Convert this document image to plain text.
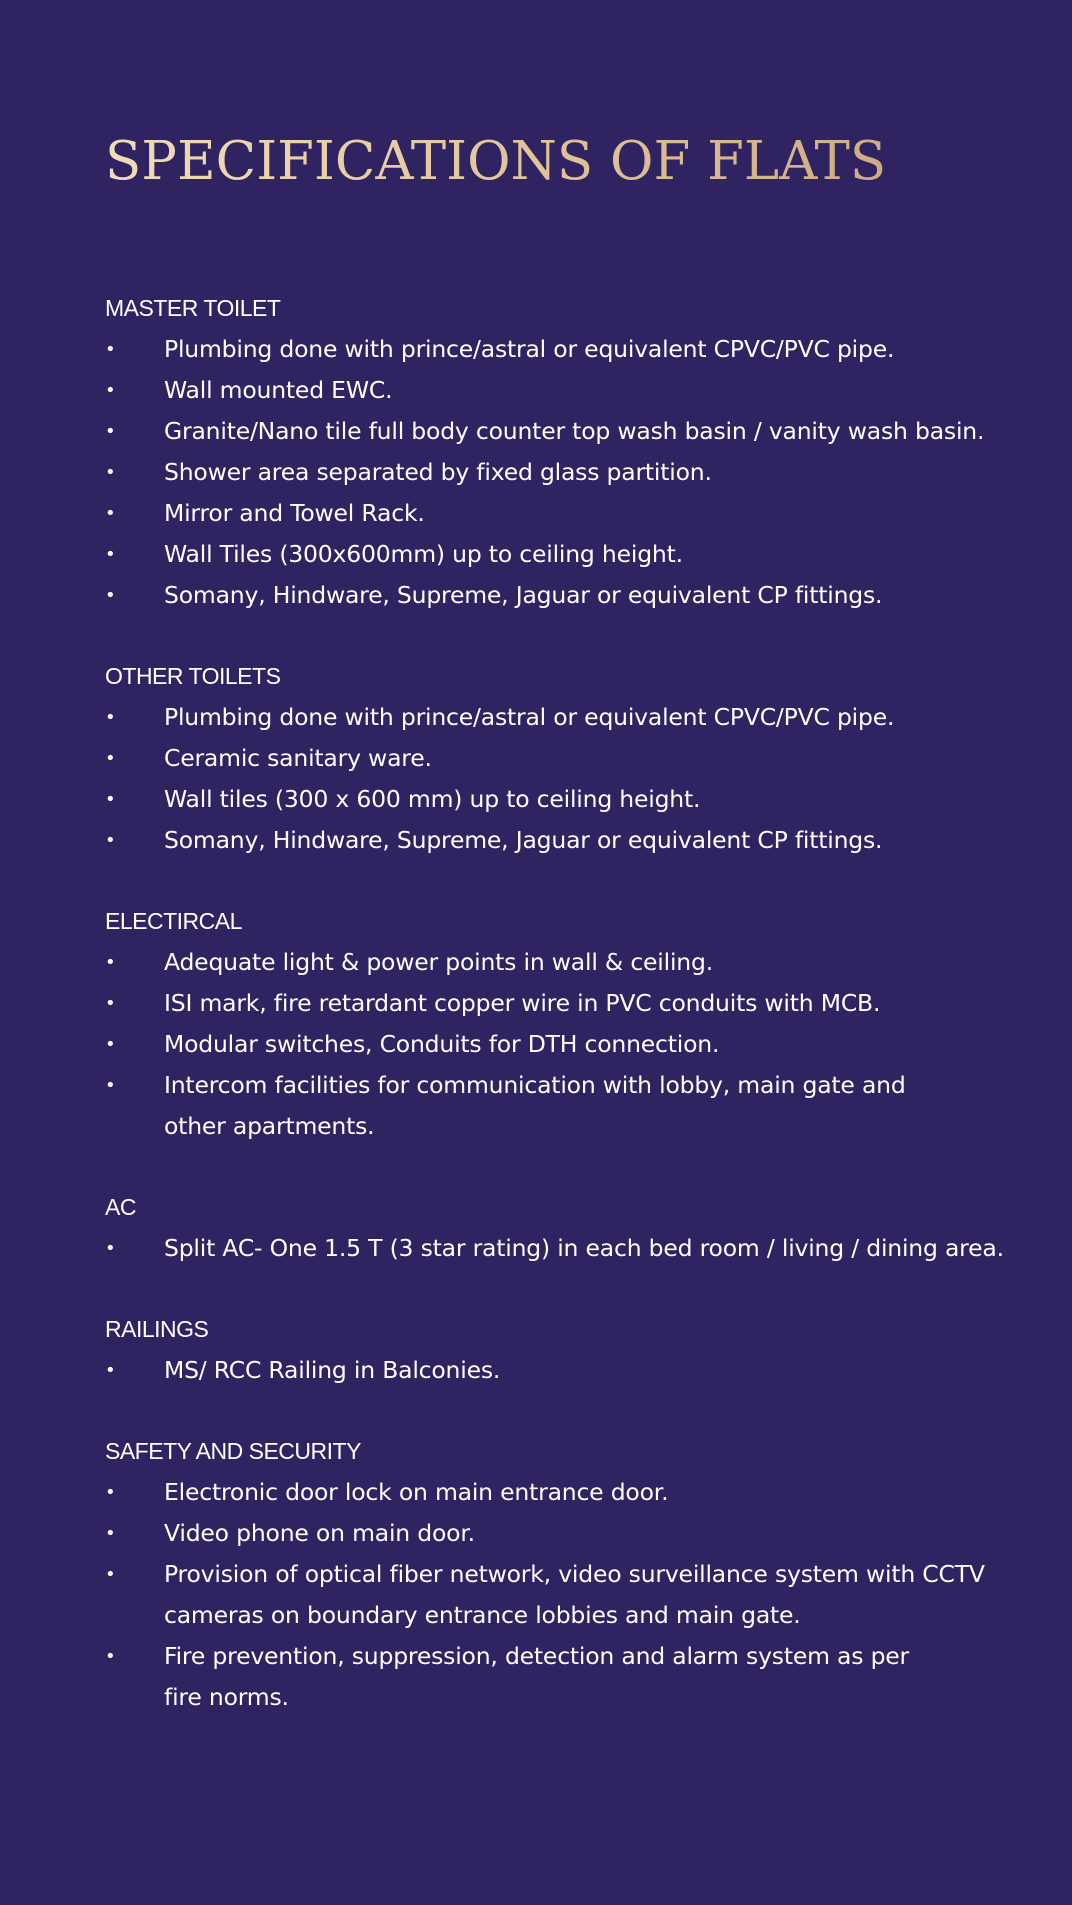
SPECIFICATIONS OF FLATS
MASTER TOILET
• Plumbing done with prince/astral or equivalent CPVC/PVC pipe.
• Wall mounted EWC.
• Granite/Nano tile full body counter top wash basin / vanity wash basin.
• Shower area separated by fixed glass partition.
• Mirror and Towel Rack.
• Wall Tiles (300x600mm) up to ceiling height.
• Somany, Hindware, Supreme, Jaguar or equivalent CP fittings.
OTHER TOILETS
• Plumbing done with prince/astral or equivalent CPVC/PVC pipe.
• Ceramic sanitary ware.
• Wall tiles (300 x 600 mm) up to ceiling height.
• Somany, Hindware, Supreme, Jaguar or equivalent CP fittings.
ELECTIRCAL
• Adequate light & power points in wall & ceiling.
• ISI mark, fire retardant copper wire in PVC conduits with MCB.
• Modular switches, Conduits for DTH connection.
• Intercom facilities for communication with lobby, main gate and other apartments.
AC
• Split AC- One 1.5 T (3 star rating) in each bed room / living / dining area.
RAILINGS
• MS/ RCC Railing in Balconies.
SAFETY AND SECURITY
• Electronic door lock on main entrance door.
• Video phone on main door.
• Provision of optical fiber network, video surveillance system with CCTV cameras on boundary entrance lobbies and main gate.
• Fire prevention, suppression, detection and alarm system as per fire norms.
